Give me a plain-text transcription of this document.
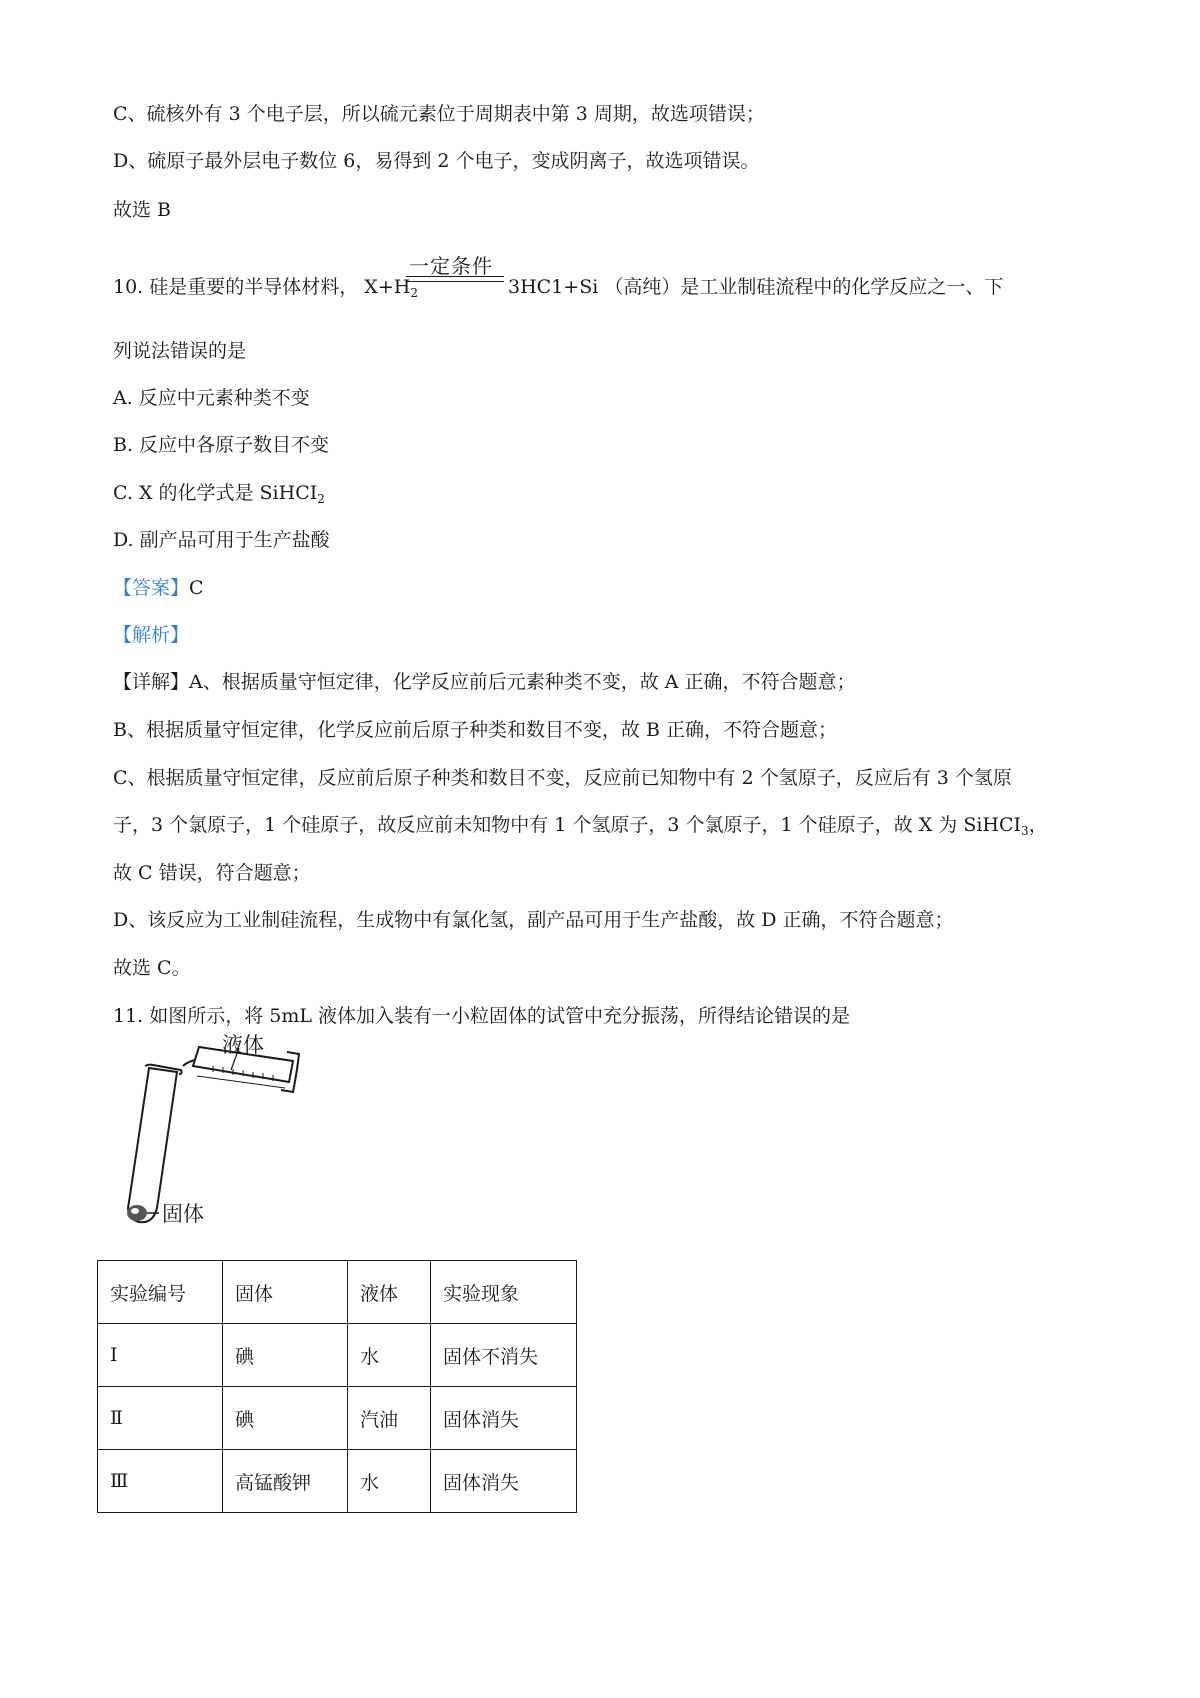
C、硫核外有 3 个电子层，所以硫元素位于周期表中第 3 周期，故选项错误；
D、硫原子最外层电子数位 6，易得到 2 个电子，变成阴离子，故选项错误。
故选 B
10. 硅是重要的半导体材料， $X+H_2$
一定条件
3HC1+Si （高纯）是工业制硅流程中的化学反应之一、下
列说法错误的是
A. 反应中元素种类不变
B. 反应中各原子数目不变
C. X 的化学式是 SiHCI$_2$
D. 副产品可用于生产盐酸
【答案】C
【解析】
【详解】A、根据质量守恒定律，化学反应前后元素种类不变，故 A 正确，不符合题意；
B、根据质量守恒定律，化学反应前后原子种类和数目不变，故 B 正确，不符合题意；
C、根据质量守恒定律，反应前后原子种类和数目不变，反应前已知物中有 2 个氢原子，反应后有 3 个氢原
子，3 个氯原子，1 个硅原子，故反应前未知物中有 1 个氢原子，3 个氯原子，1 个硅原子，故 X 为 SiHCI$_3$，
故 C 错误，符合题意；
D、该反应为工业制硅流程，生成物中有氯化氢，副产品可用于生产盐酸，故 D 正确，不符合题意；
故选 C。
11. 如图所示，将 5mL 液体加入装有一小粒固体的试管中充分振荡，所得结论错误的是
液体
固体
实验编号	固体	液体	实验现象
Ⅰ	碘	水	固体不消失
Ⅱ	碘	汽油	固体消失
Ⅲ	高锰酸钾	水	固体消失
